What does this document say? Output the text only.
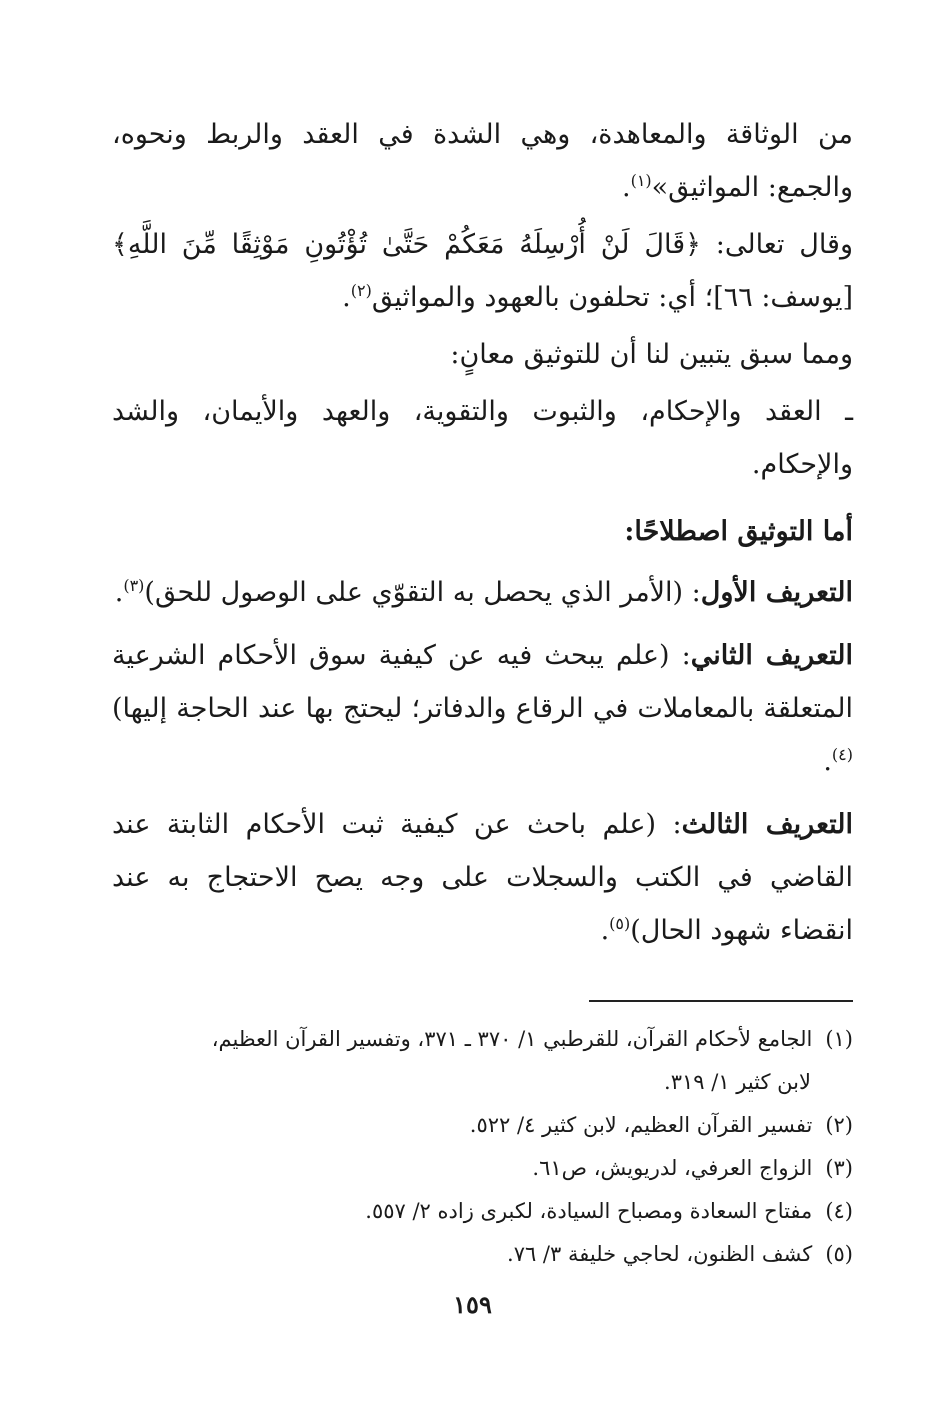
من الوثاقة والمعاهدة، وهي الشدة في العقد والربط ونحوه، والجمع: المواثيق»$^{(١)}$.

وقال تعالى: ﴿قَالَ لَنْ أُرْسِلَهُ مَعَكُمْ حَتَّىٰ تُؤْتُونِ مَوْثِقًا مِّنَ اللَّهِ﴾ [يوسف: ٦٦]؛ أي: تحلفون بالعهود والمواثيق$^{(٢)}$.

ومما سبق يتبين لنا أن للتوثيق معانٍ:

ـ العقد والإحكام، والثبوت والتقوية، والعهد والأيمان، والشد والإحكام.

أما التوثيق اصطلاحًا:

التعريف الأول: (الأمر الذي يحصل به التقوّي على الوصول للحق)$^{(٣)}$.

التعريف الثاني: (علم يبحث فيه عن كيفية سوق الأحكام الشرعية المتعلقة بالمعاملات في الرقاع والدفاتر؛ ليحتج بها عند الحاجة إليها)$^{(٤)}$.

التعريف الثالث: (علم باحث عن كيفية ثبت الأحكام الثابتة عند القاضي في الكتب والسجلات على وجه يصح الاحتجاج به عند انقضاء شهود الحال)$^{(٥)}$.

(١) الجامع لأحكام القرآن، للقرطبي ١/ ٣٧٠ ـ ٣٧١، وتفسير القرآن العظيم،
لابن كثير ١/ ٣١٩.
(٢) تفسير القرآن العظيم، لابن كثير ٤/ ٥٢٢.
(٣) الزواج العرفي، لدريويش، ص٦١.
(٤) مفتاح السعادة ومصباح السيادة، لكبرى زاده ٢/ ٥٥٧.
(٥) كشف الظنون، لحاجي خليفة ٣/ ٧٦.
١٥٩
